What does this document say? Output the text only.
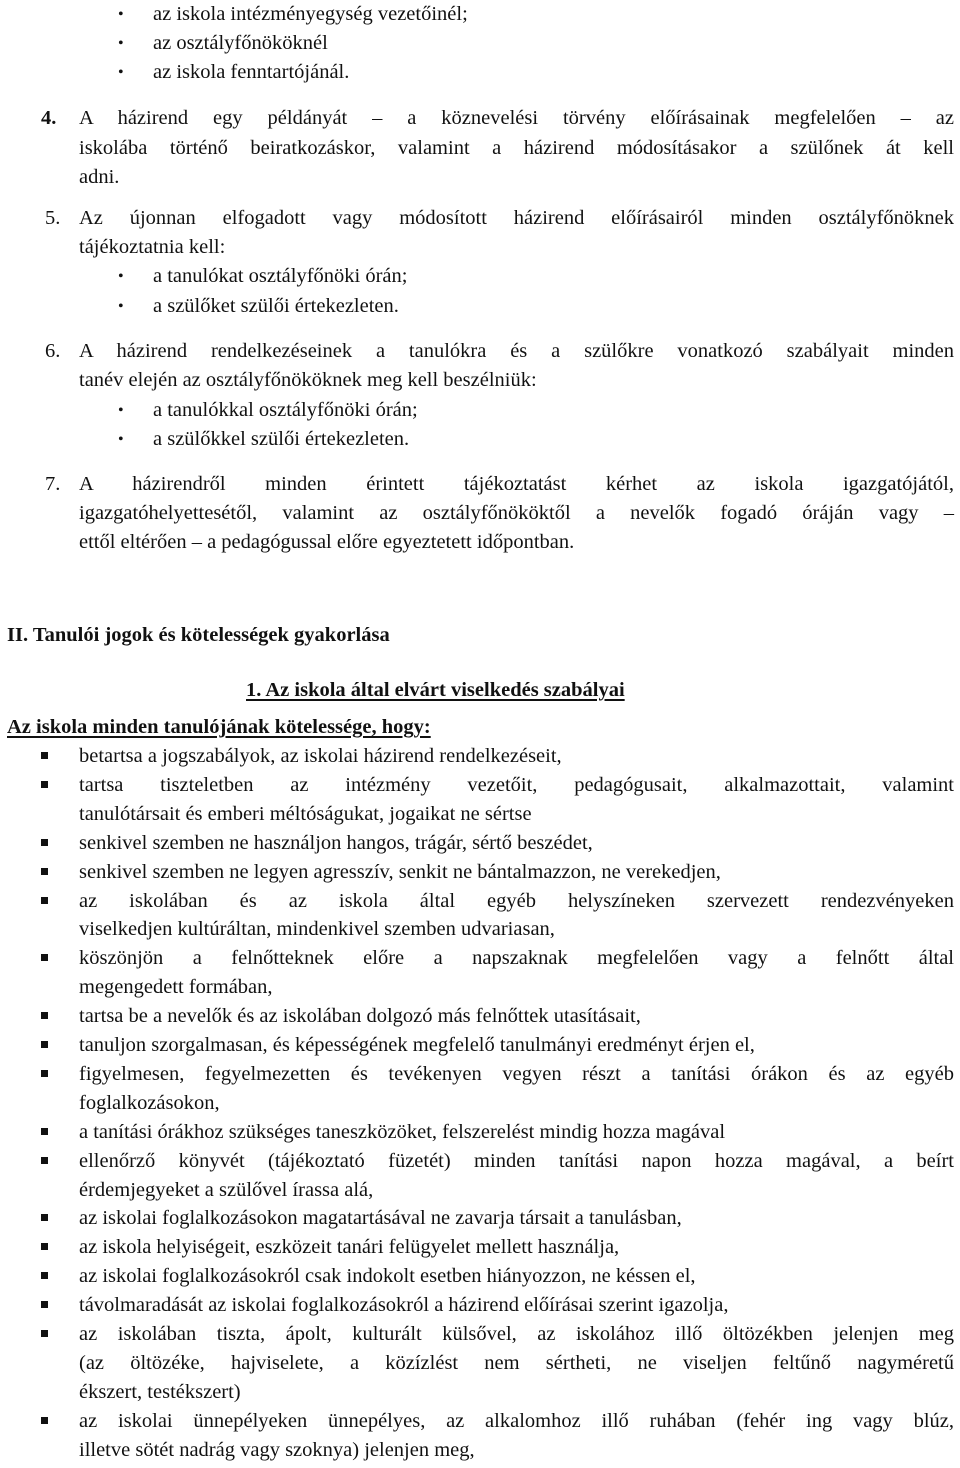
• az iskola intézményegység vezetőinél;
• az osztályfőnököknél
• az iskola fenntartójánál.
4. A házirend egy példányát – a köznevelési törvény előírásainak megfelelően – az
iskolába történő beiratkozáskor, valamint a házirend módosításakor a szülőnek át kell
adni.
5. Az újonnan elfogadott vagy módosított házirend előírásairól minden osztályfőnöknek
tájékoztatnia kell:
• a tanulókat osztályfőnöki órán;
• a szülőket szülői értekezleten.
6. A házirend rendelkezéseinek a tanulókra és a szülőkre vonatkozó szabályait minden
tanév elején az osztályfőnököknek meg kell beszélniük:
• a tanulókkal osztályfőnöki órán;
• a szülőkkel szülői értekezleten.
7. A házirendről minden érintett tájékoztatást kérhet az iskola igazgatójától,
igazgatóhelyettesétől, valamint az osztályfőnököktől a nevelők fogadó óráján vagy –
ettől eltérően – a pedagógussal előre egyeztetett időpontban.
II. Tanulói jogok és kötelességek gyakorlása
1. Az iskola által elvárt viselkedés szabályai
Az iskola minden tanulójának kötelessége, hogy:
betartsa a jogszabályok, az iskolai házirend rendelkezéseit,
tartsa tiszteletben az intézmény vezetőit, pedagógusait, alkalmazottait, valamint
tanulótársait és emberi méltóságukat, jogaikat ne sértse
senkivel szemben ne használjon hangos, trágár, sértő beszédet,
senkivel szemben ne legyen agresszív, senkit ne bántalmazzon, ne verekedjen,
az iskolában és az iskola által egyéb helyszíneken szervezett rendezvényeken
viselkedjen kultúráltan, mindenkivel szemben udvariasan,
köszönjön a felnőtteknek előre a napszaknak megfelelően vagy a felnőtt által
megengedett formában,
tartsa be a nevelők és az iskolában dolgozó más felnőttek utasításait,
tanuljon szorgalmasan, és képességének megfelelő tanulmányi eredményt érjen el,
figyelmesen, fegyelmezetten és tevékenyen vegyen részt a tanítási órákon és az egyéb
foglalkozásokon,
a tanítási órákhoz szükséges taneszközöket, felszerelést mindig hozza magával
ellenőrző könyvét (tájékoztató füzetét) minden tanítási napon hozza magával, a beírt
érdemjegyeket a szülővel írassa alá,
az iskolai foglalkozásokon magatartásával ne zavarja társait a tanulásban,
az iskola helyiségeit, eszközeit tanári felügyelet mellett használja,
az iskolai foglalkozásokról csak indokolt esetben hiányozzon, ne késsen el,
távolmaradását az iskolai foglalkozásokról a házirend előírásai szerint igazolja,
az iskolában tiszta, ápolt, kulturált külsővel, az iskolához illő öltözékben jelenjen meg
(az öltözéke, hajviselete, a közízlést nem sértheti, ne viseljen feltűnő nagyméretű
ékszert, testékszert)
az iskolai ünnepélyeken ünnepélyes, az alkalomhoz illő ruhában (fehér ing vagy blúz,
illetve sötét nadrág vagy szoknya) jelenjen meg,
